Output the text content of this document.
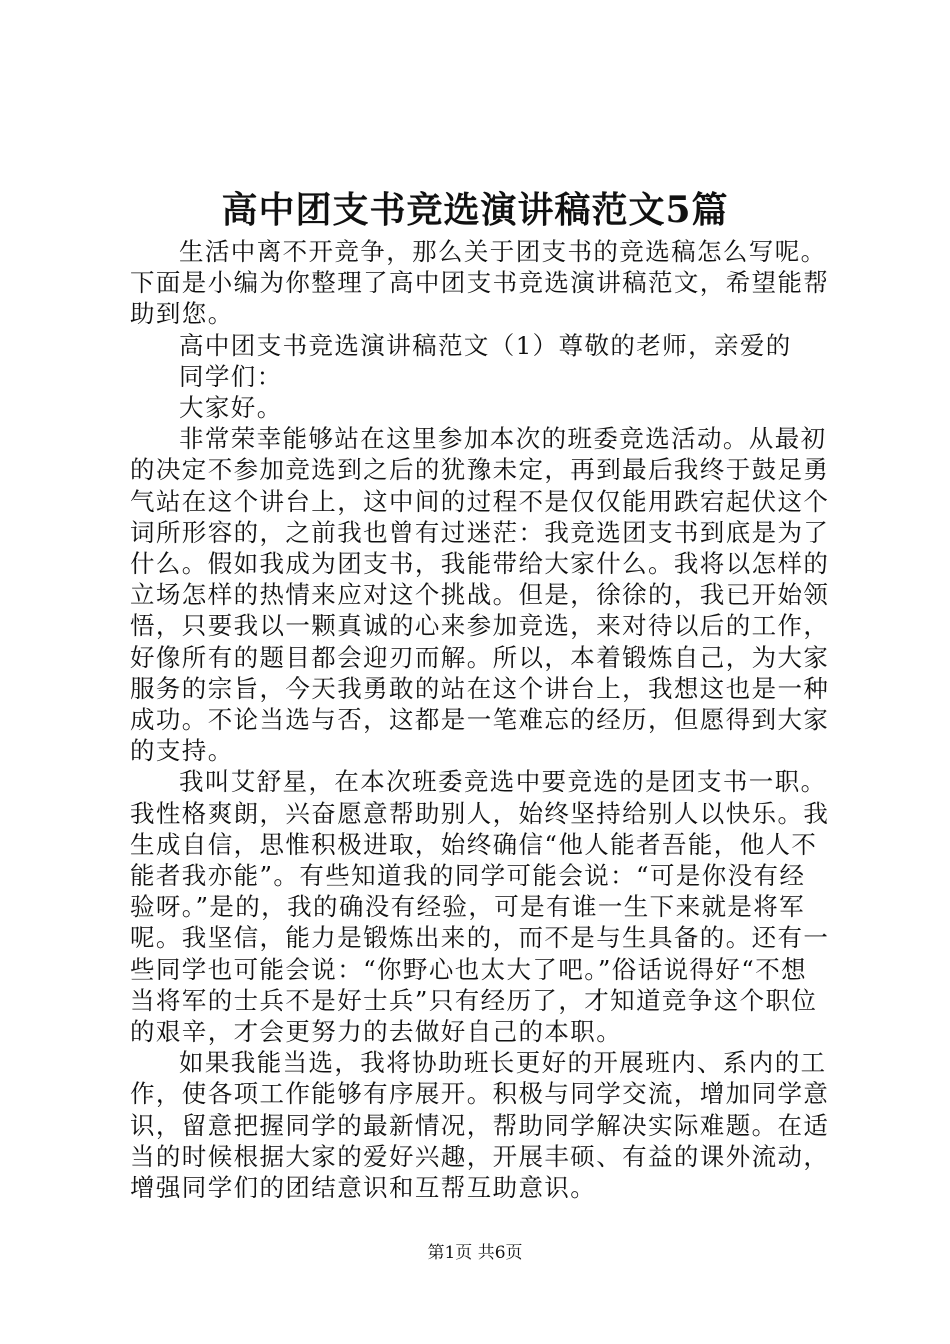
高中团支书竞选演讲稿范文5篇

生活中离不开竞争，那么关于团支书的竞选稿怎么写呢。下面是小编为你整理了高中团支书竞选演讲稿范文，希望能帮助到您。

高中团支书竞选演讲稿范文（1）尊敬的老师，亲爱的

同学们：

大家好。

非常荣幸能够站在这里参加本次的班委竞选活动。从最初的决定不参加竞选到之后的犹豫未定，再到最后我终于鼓足勇气站在这个讲台上，这中间的过程不是仅仅能用跌宕起伏这个词所形容的，之前我也曾有过迷茫：我竞选团支书到底是为了什么。假如我成为团支书，我能带给大家什么。我将以怎样的立场怎样的热情来应对这个挑战。但是，徐徐的，我已开始领悟，只要我以一颗真诚的心来参加竞选，来对待以后的工作，好像所有的题目都会迎刃而解。所以，本着锻炼自己，为大家服务的宗旨，今天我勇敢的站在这个讲台上，我想这也是一种成功。不论当选与否，这都是一笔难忘的经历，但愿得到大家的支持。

我叫艾舒星，在本次班委竞选中要竞选的是团支书一职。我性格爽朗，兴奋愿意帮助别人，始终坚持给别人以快乐。我生成自信，思惟积极进取，始终确信“他人能者吾能，他人不能者我亦能”。有些知道我的同学可能会说：“可是你没有经验呀。”是的，我的确没有经验，可是有谁一生下来就是将军呢。我坚信，能力是锻炼出来的，而不是与生具备的。还有一些同学也可能会说：“你野心也太大了吧。”俗话说得好“不想当将军的士兵不是好士兵”只有经历了，才知道竞争这个职位的艰辛，才会更努力的去做好自己的本职。

如果我能当选，我将协助班长更好的开展班内、系内的工作，使各项工作能够有序展开。积极与同学交流，增加同学意识，留意把握同学的最新情况，帮助同学解决实际难题。在适当的时候根据大家的爱好兴趣，开展丰硕、有益的课外流动，增强同学们的团结意识和互帮互助意识。

第1页 共6页
